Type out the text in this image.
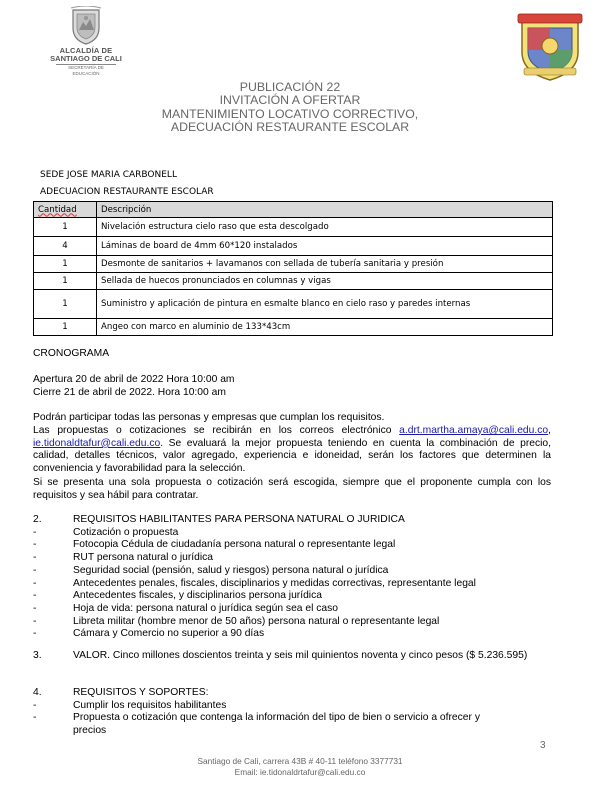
ALCALDÍA DE
SANTIAGO DE CALI
SECRETARÍA DE EDUCACIÓN
PUBLICACIÓN 22
INVITACIÓN A OFERTAR
MANTENIMIENTO LOCATIVO CORRECTIVO,
ADECUACIÓN RESTAURANTE ESCOLAR
SEDE JOSE MARIA CARBONELL
ADECUACION RESTAURANTE ESCOLAR
Cantidad	Descripción
1	Nivelación estructura cielo raso que esta descolgado
4	Láminas de board de 4mm 60*120 instalados
1	Desmonte de sanitarios + lavamanos con sellada de tubería sanitaria y presión
1	Sellada de huecos pronunciados en columnas y vigas
1	Suministro y aplicación de pintura en esmalte blanco en cielo raso y paredes internas
1	Angeo con marco en aluminio de 133*43cm
CRONOGRAMA
Apertura 20 de abril de 2022 Hora 10:00 am
Cierre 21 de abril de 2022. Hora 10:00 am
Podrán participar todas las personas y empresas que cumplan los requisitos.
Las propuestas o cotizaciones se recibirán en los correos electrónico a.drt.martha.amaya@cali.edu.co, ie.tidonaldtafur@cali.edu.co. Se evaluará la mejor propuesta teniendo en cuenta la combinación de precio, calidad, detalles técnicos, valor agregado, experiencia e idoneidad, serán los factores que determinen la conveniencia y favorabilidad para la selección.
Si se presenta una sola propuesta o cotización será escogida, siempre que el proponente cumpla con los requisitos y sea hábil para contratar.
2.	REQUISITOS HABILITANTES PARA PERSONA NATURAL O JURIDICA
-	Cotización o propuesta
-	Fotocopia Cédula de ciudadanía persona natural o representante legal
-	RUT persona natural o jurídica
-	Seguridad social (pensión, salud y riesgos) persona natural o jurídica
-	Antecedentes penales, fiscales, disciplinarios y medidas correctivas, representante legal
-	Antecedentes fiscales, y disciplinarios persona jurídica
-	Hoja de vida: persona natural o jurídica según sea el caso
-	Libreta militar (hombre menor de 50 años) persona natural o representante legal
-	Cámara y Comercio no superior a 90 días
3.	VALOR. Cinco millones doscientos treinta y seis mil quinientos noventa y cinco pesos ($ 5.236.595)
4.	REQUISITOS Y SOPORTES:
-	Cumplir los requisitos habilitantes
-	Propuesta o cotización que contenga la información del tipo de bien o servicio a ofrecer y precios
3
Santiago de Cali, carrera 43B # 40-11 teléfono 3377731
Email: ie.tidonaldrtafur@cali.edu.co
